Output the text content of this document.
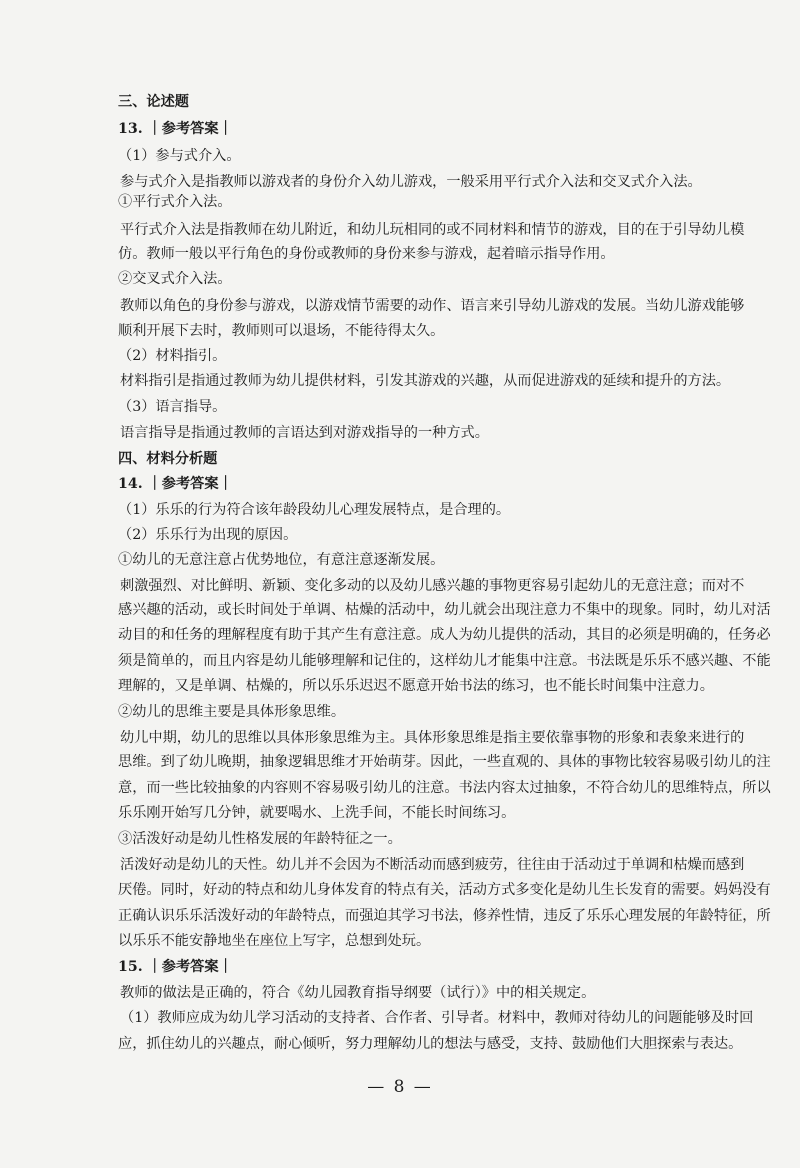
— 8 —
三、论述题
13. ｜参考答案｜
（1）参与式介入。
参与式介入是指教师以游戏者的身份介入幼儿游戏，一般采用平行式介入法和交叉式介入法。
①平行式介入法。
平行式介入法是指教师在幼儿附近，和幼儿玩相同的或不同材料和情节的游戏，目的在于引导幼儿模
仿。教师一般以平行角色的身份或教师的身份来参与游戏，起着暗示指导作用。
②交叉式介入法。
教师以角色的身份参与游戏，以游戏情节需要的动作、语言来引导幼儿游戏的发展。当幼儿游戏能够
顺利开展下去时，教师则可以退场，不能待得太久。
（2）材料指引。
材料指引是指通过教师为幼儿提供材料，引发其游戏的兴趣，从而促进游戏的延续和提升的方法。
（3）语言指导。
语言指导是指通过教师的言语达到对游戏指导的一种方式。
四、材料分析题
14. ｜参考答案｜
（1）乐乐的行为符合该年龄段幼儿心理发展特点，是合理的。
（2）乐乐行为出现的原因。
①幼儿的无意注意占优势地位，有意注意逐渐发展。
刺激强烈、对比鲜明、新颖、变化多动的以及幼儿感兴趣的事物更容易引起幼儿的无意注意；而对不
感兴趣的活动，或长时间处于单调、枯燥的活动中，幼儿就会出现注意力不集中的现象。同时，幼儿对活
动目的和任务的理解程度有助于其产生有意注意。成人为幼儿提供的活动，其目的必须是明确的，任务必
须是简单的，而且内容是幼儿能够理解和记住的，这样幼儿才能集中注意。书法既是乐乐不感兴趣、不能
理解的，又是单调、枯燥的，所以乐乐迟迟不愿意开始书法的练习，也不能长时间集中注意力。
②幼儿的思维主要是具体形象思维。
幼儿中期，幼儿的思维以具体形象思维为主。具体形象思维是指主要依靠事物的形象和表象来进行的
思维。到了幼儿晚期，抽象逻辑思维才开始萌芽。因此，一些直观的、具体的事物比较容易吸引幼儿的注
意，而一些比较抽象的内容则不容易吸引幼儿的注意。书法内容太过抽象，不符合幼儿的思维特点，所以
乐乐刚开始写几分钟，就要喝水、上洗手间，不能长时间练习。
③活泼好动是幼儿性格发展的年龄特征之一。
活泼好动是幼儿的天性。幼儿并不会因为不断活动而感到疲劳，往往由于活动过于单调和枯燥而感到
厌倦。同时，好动的特点和幼儿身体发育的特点有关，活动方式多变化是幼儿生长发育的需要。妈妈没有
正确认识乐乐活泼好动的年龄特点，而强迫其学习书法，修养性情，违反了乐乐心理发展的年龄特征，所
以乐乐不能安静地坐在座位上写字，总想到处玩。
15. ｜参考答案｜
教师的做法是正确的，符合《幼儿园教育指导纲要（试行）》中的相关规定。
（1）教师应成为幼儿学习活动的支持者、合作者、引导者。材料中，教师对待幼儿的问题能够及时回
应，抓住幼儿的兴趣点，耐心倾听，努力理解幼儿的想法与感受，支持、鼓励他们大胆探索与表达。
